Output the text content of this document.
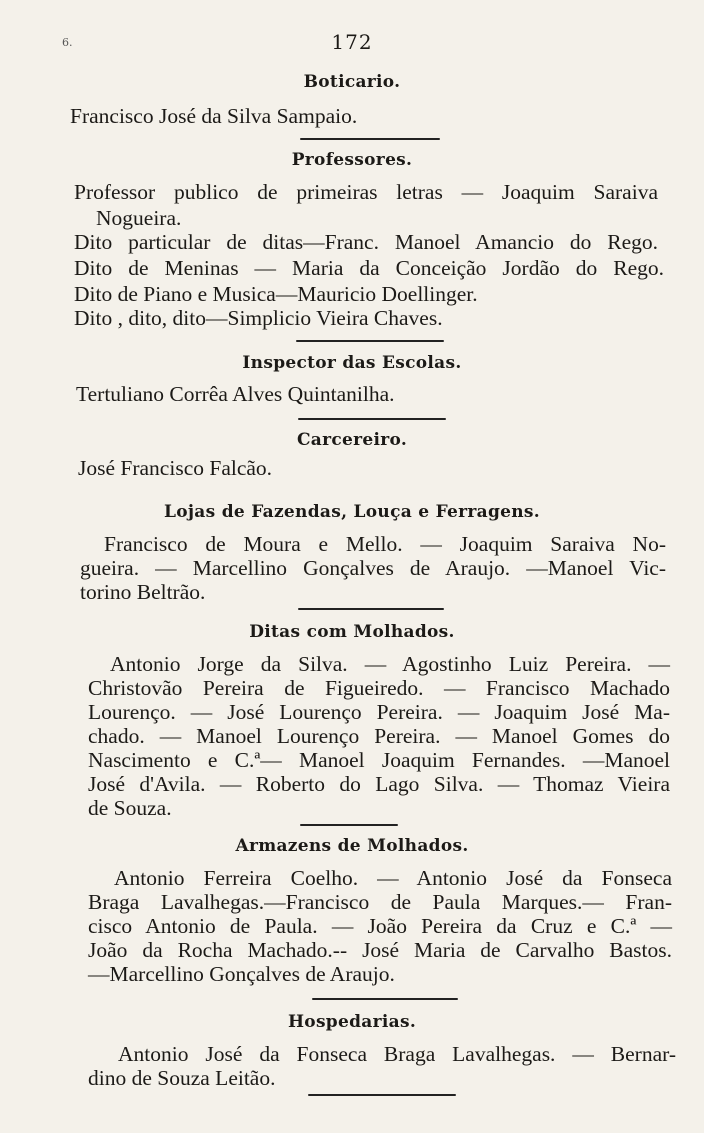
6.	172
Boticario.
Francisco José da Silva Sampaio.
Professores.
Professor publico de primeiras letras — Joaquim Saraiva
Nogueira.
Dito particular de ditas—Franc. Manoel Amancio do Rego.
Dito de Meninas — Maria da Conceição Jordão do Rego.
Dito de Piano e Musica—Mauricio Doellinger.
Dito , dito, dito—Simplicio Vieira Chaves.
Inspector das Escolas.
Tertuliano Corrêa Alves Quintanilha.
Carcereiro.
José Francisco Falcão.
Lojas de Fazendas, Louça e Ferragens.
Francisco de Moura e Mello. — Joaquim Saraiva No-
gueira. — Marcellino Gonçalves de Araujo. —Manoel Vic-
torino Beltrão.
Ditas com Molhados.
Antonio Jorge da Silva. — Agostinho Luiz Pereira. —
Christovão Pereira de Figueiredo. — Francisco Machado
Lourenço. — José Lourenço Pereira. — Joaquim José Ma-
chado. — Manoel Lourenço Pereira. — Manoel Gomes do
Nascimento e C.ª— Manoel Joaquim Fernandes. —Manoel
José d'Avila. — Roberto do Lago Silva. — Thomaz Vieira
de Souza.
Armazens de Molhados.
Antonio Ferreira Coelho. — Antonio José da Fonseca
Braga Lavalhegas.—Francisco de Paula Marques.— Fran-
cisco Antonio de Paula. — João Pereira da Cruz e C.ª —
João da Rocha Machado.-- José Maria de Carvalho Bastos.
—Marcellino Gonçalves de Araujo.
Hospedarias.
Antonio José da Fonseca Braga Lavalhegas. — Bernar-
dino de Souza Leitão.
